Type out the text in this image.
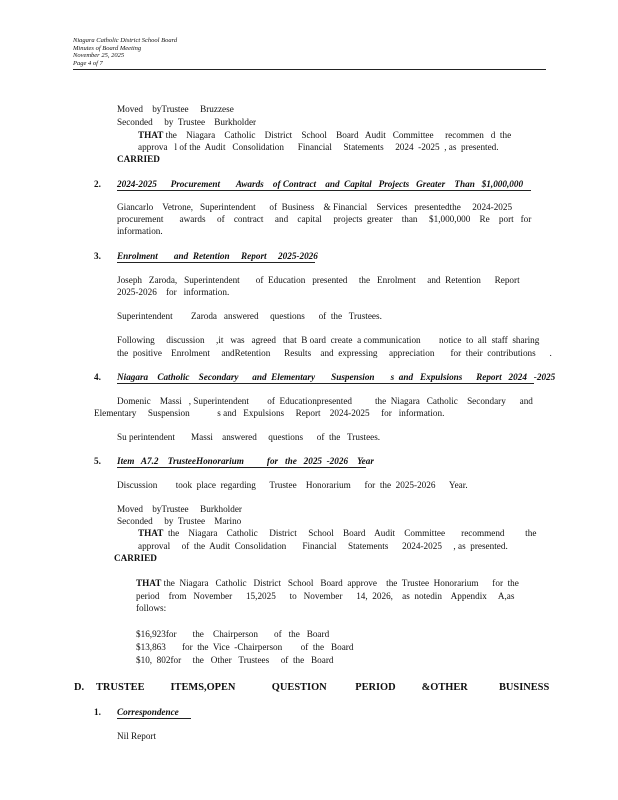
Niagara Catholic District School Board
Minutes of Board Meeting
November 25, 2025
Page 4 of 7
Moved    byTrustee     Bruzzese
Seconded     by  Trustee    Burkholder
THAT the    Niagara    Catholic    District    School    Board   Audit   Committee     recommen   d  the
approva   l of the  Audit   Consolidation      Financial     Statements     2024  -2025  , as  presented.
CARRIED
2. 2024-2025      Procurement       Awards    of Contract    and  Capital   Projects   Greater    Than   $1,000,000
Giancarlo    Vetrone,   Superintendent      of  Business    & Financial    Services   presentedthe     2024-2025
procurement       awards     of    contract     and    capital     projects  greater    than     $1,000,000    Re    port   for
information.
3. Enrolment       and  Retention     Report     2025-2026
Joseph   Zaroda,   Superintendent       of  Education   presented     the   Enrolment     and  Retention      Report
2025-2026    for   information.
Superintendent        Zaroda   answered     questions      of  the   Trustees.
Following     discussion     ,it   was   agreed   that  B oard  create  a communication        notice  to  all  staff  sharing
the  positive    Enrolment     andRetention      Results    and  expressing     appreciation       for  their  contributions      .
4. Niagara    Catholic    Secondary      and  Elementary       Suspension       s  and   Expulsions      Report   2024   -2025
Domenic    Massi   , Superintendent        of  Educationpresented          the  Niagara   Catholic    Secondary      and
Elementary     Suspension            s and   Expulsions     Report    2024-2025     for   information.
Su perintendent       Massi    answered     questions      of  the   Trustees.
5. Item   A7.2    TrusteeHonorarium          for   the   2025  -2026    Year
Discussion        took  place  regarding      Trustee    Honorarium      for  the  2025-2026      Year.
Moved    byTrustee     Burkholder
Seconded     by  Trustee    Marino
THAT  the    Niagara    Catholic     District     School    Board    Audit    Committee       recommend         the
approval     of  the  Audit  Consolidation       Financial     Statements      2024-2025     , as  presented.
CARRIED
THAT the  Niagara   Catholic   District   School   Board  approve    the  Trustee  Honorarium      for  the
period    from   November      15,2025      to   November      14,  2026,    as  notedin    Appendix     A,as
follows:
$16,923for       the    Chairperson       of   the   Board
$13,863       for  the  Vice  -Chairperson        of  the   Board
$10,  802for     the   Other   Trustees     of  the   Board
D. TRUSTEE          ITEMS,OPEN              QUESTION           PERIOD          &OTHER            BUSINESS
1. Correspondence
Nil Report
